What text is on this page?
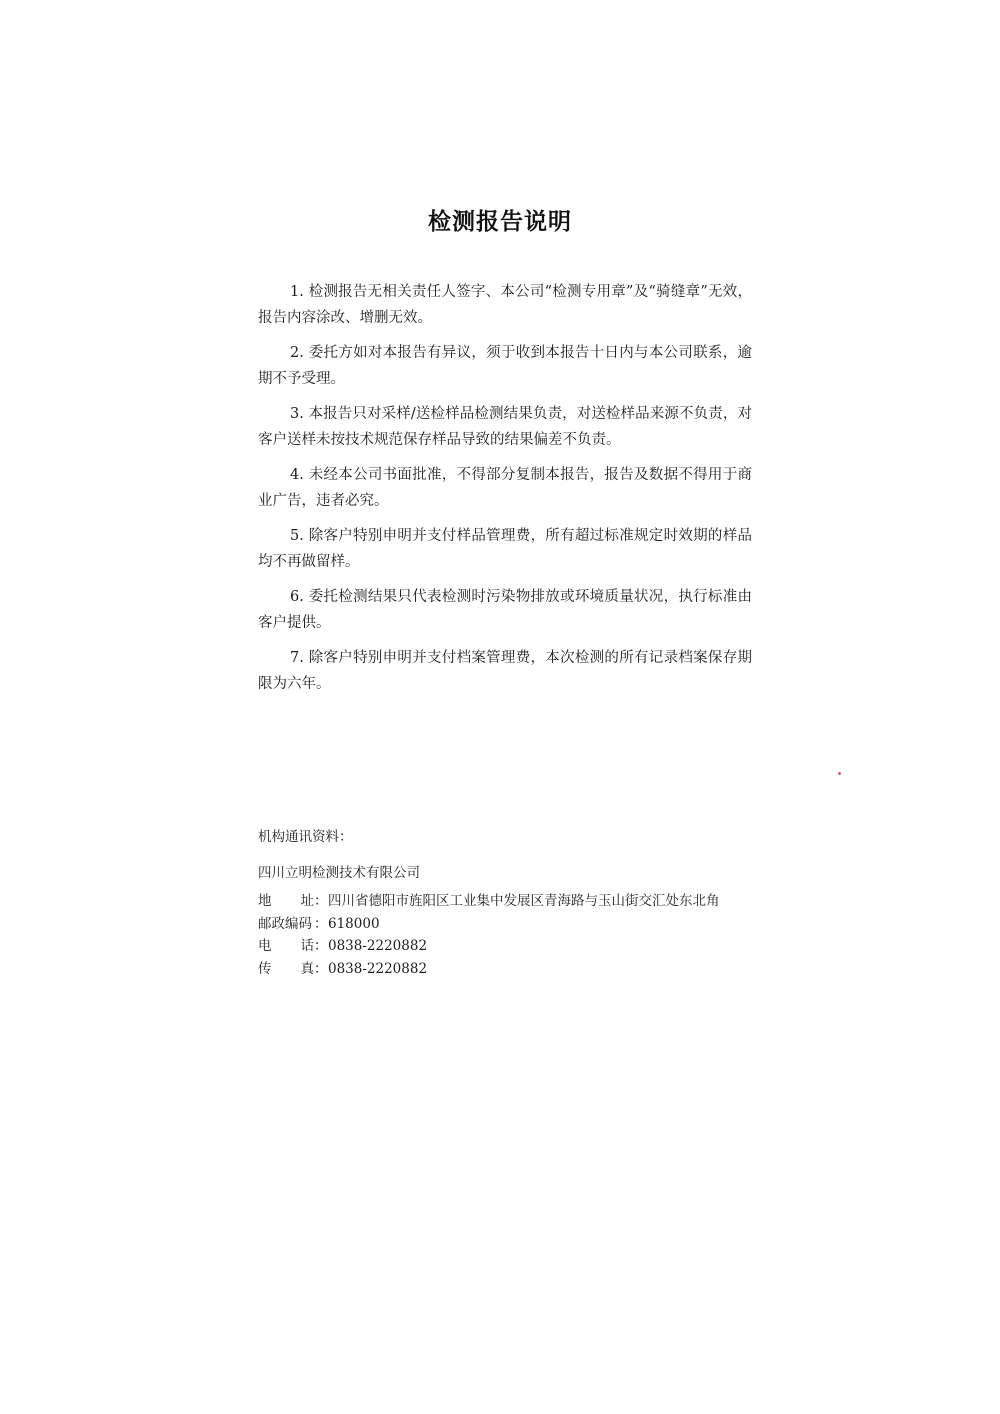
检测报告说明

1. 检测报告无相关责任人签字、本公司“检测专用章”及“骑缝章”无效，报告内容涂改、增删无效。

2. 委托方如对本报告有异议，须于收到本报告十日内与本公司联系，逾期不予受理。

3. 本报告只对采样/送检样品检测结果负责，对送检样品来源不负责，对客户送样未按技术规范保存样品导致的结果偏差不负责。

4. 未经本公司书面批准，不得部分复制本报告，报告及数据不得用于商业广告，违者必究。

5. 除客户特别申明并支付样品管理费，所有超过标准规定时效期的样品均不再做留样。

6. 委托检测结果只代表检测时污染物排放或环境质量状况，执行标准由客户提供。

7. 除客户特别申明并支付档案管理费，本次检测的所有记录档案保存期限为六年。

机构通讯资料：
四川立明检测技术有限公司
地 址 ： 四川省德阳市旌阳区工业集中发展区青海路与玉山街交汇处东北角
邮政编码 ： 618000
电 话 ： 0838-2220882
传 真 ： 0838-2220882
